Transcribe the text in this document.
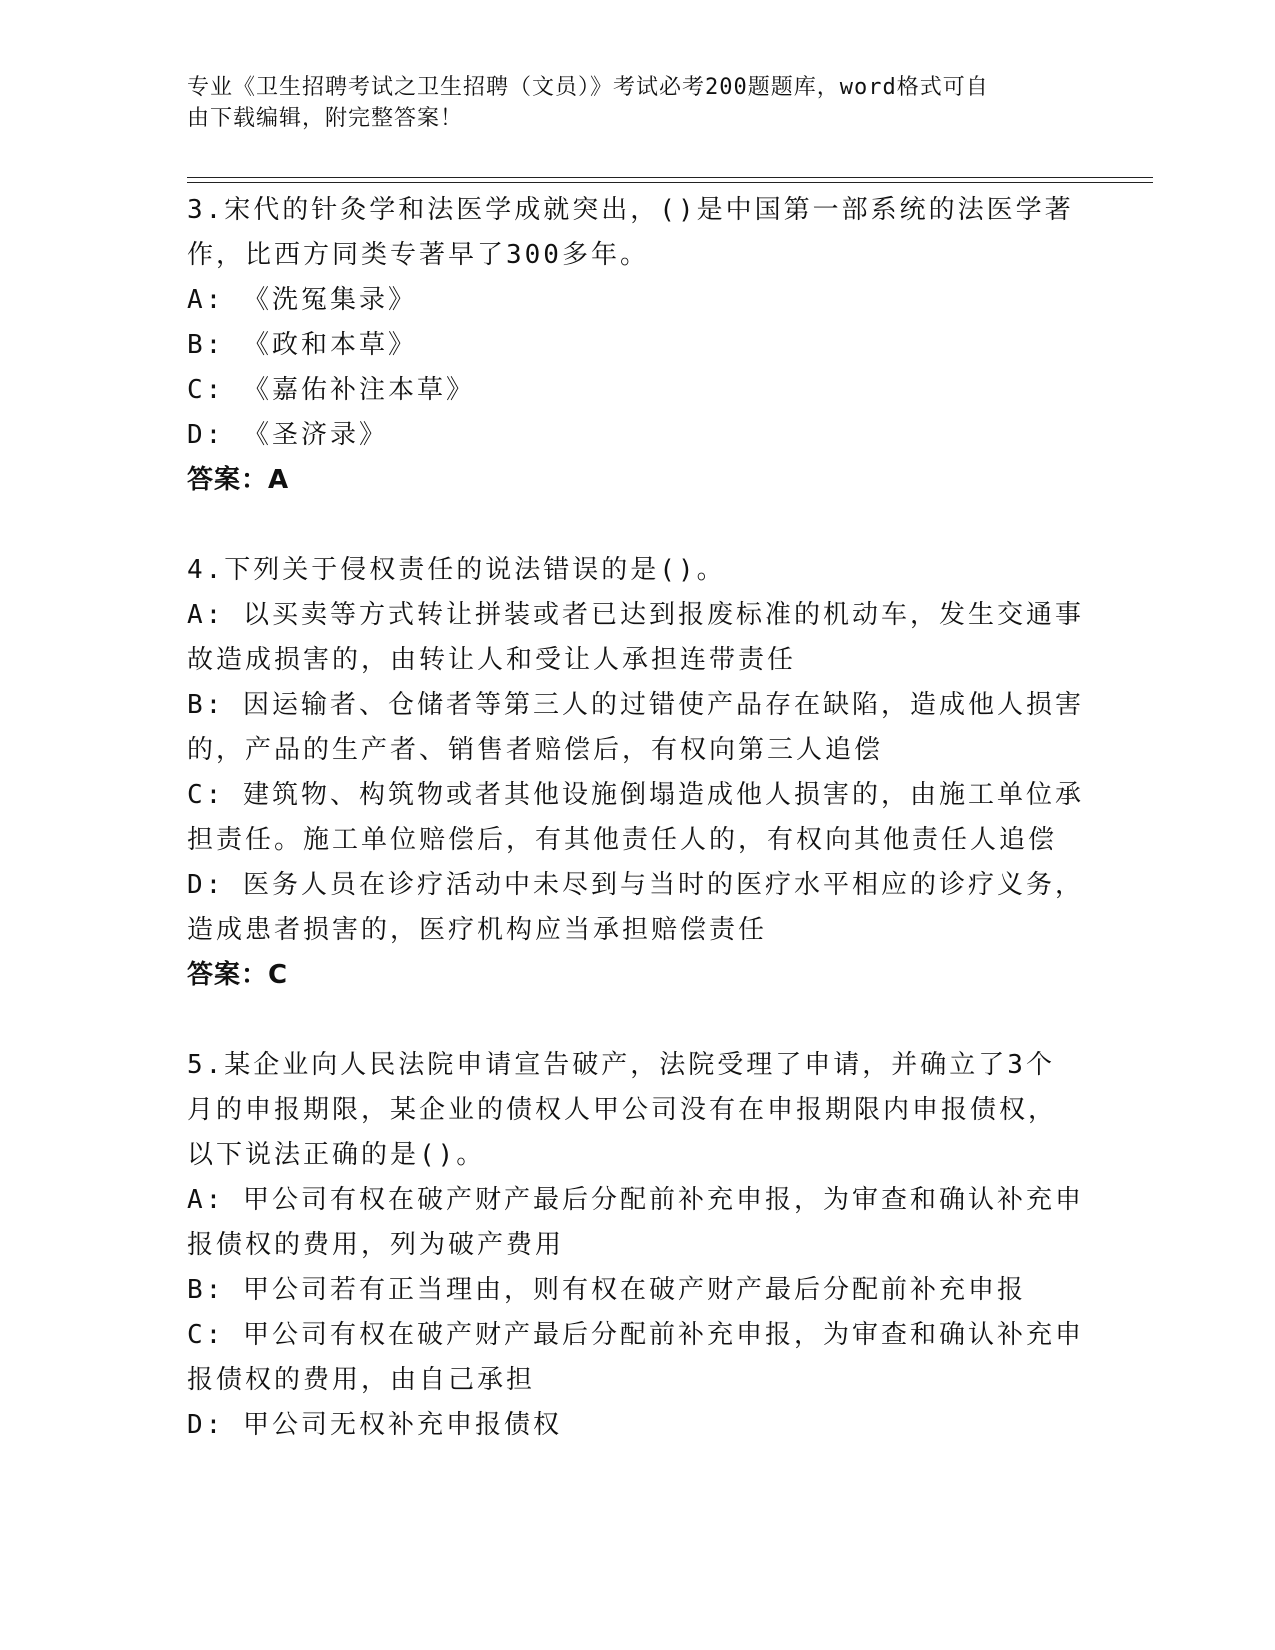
专业《卫生招聘考试之卫生招聘（文员）》考试必考200题题库，word格式可自
由下载编辑，附完整答案！
3.宋代的针灸学和法医学成就突出，()是中国第一部系统的法医学著
作，比西方同类专著早了300多年。
A: 《洗冤集录》
B: 《政和本草》
C: 《嘉佑补注本草》
D: 《圣济录》
答案：A
4.下列关于侵权责任的说法错误的是()。
A: 以买卖等方式转让拼装或者已达到报废标准的机动车，发生交通事
故造成损害的，由转让人和受让人承担连带责任
B: 因运输者、仓储者等第三人的过错使产品存在缺陷，造成他人损害
的，产品的生产者、销售者赔偿后，有权向第三人追偿
C: 建筑物、构筑物或者其他设施倒塌造成他人损害的，由施工单位承
担责任。施工单位赔偿后，有其他责任人的，有权向其他责任人追偿
D: 医务人员在诊疗活动中未尽到与当时的医疗水平相应的诊疗义务，
造成患者损害的，医疗机构应当承担赔偿责任
答案：C
5.某企业向人民法院申请宣告破产，法院受理了申请，并确立了3个
月的申报期限，某企业的债权人甲公司没有在申报期限内申报债权，
以下说法正确的是()。
A: 甲公司有权在破产财产最后分配前补充申报，为审查和确认补充申
报债权的费用，列为破产费用
B: 甲公司若有正当理由，则有权在破产财产最后分配前补充申报
C: 甲公司有权在破产财产最后分配前补充申报，为审查和确认补充申
报债权的费用，由自己承担
D: 甲公司无权补充申报债权
